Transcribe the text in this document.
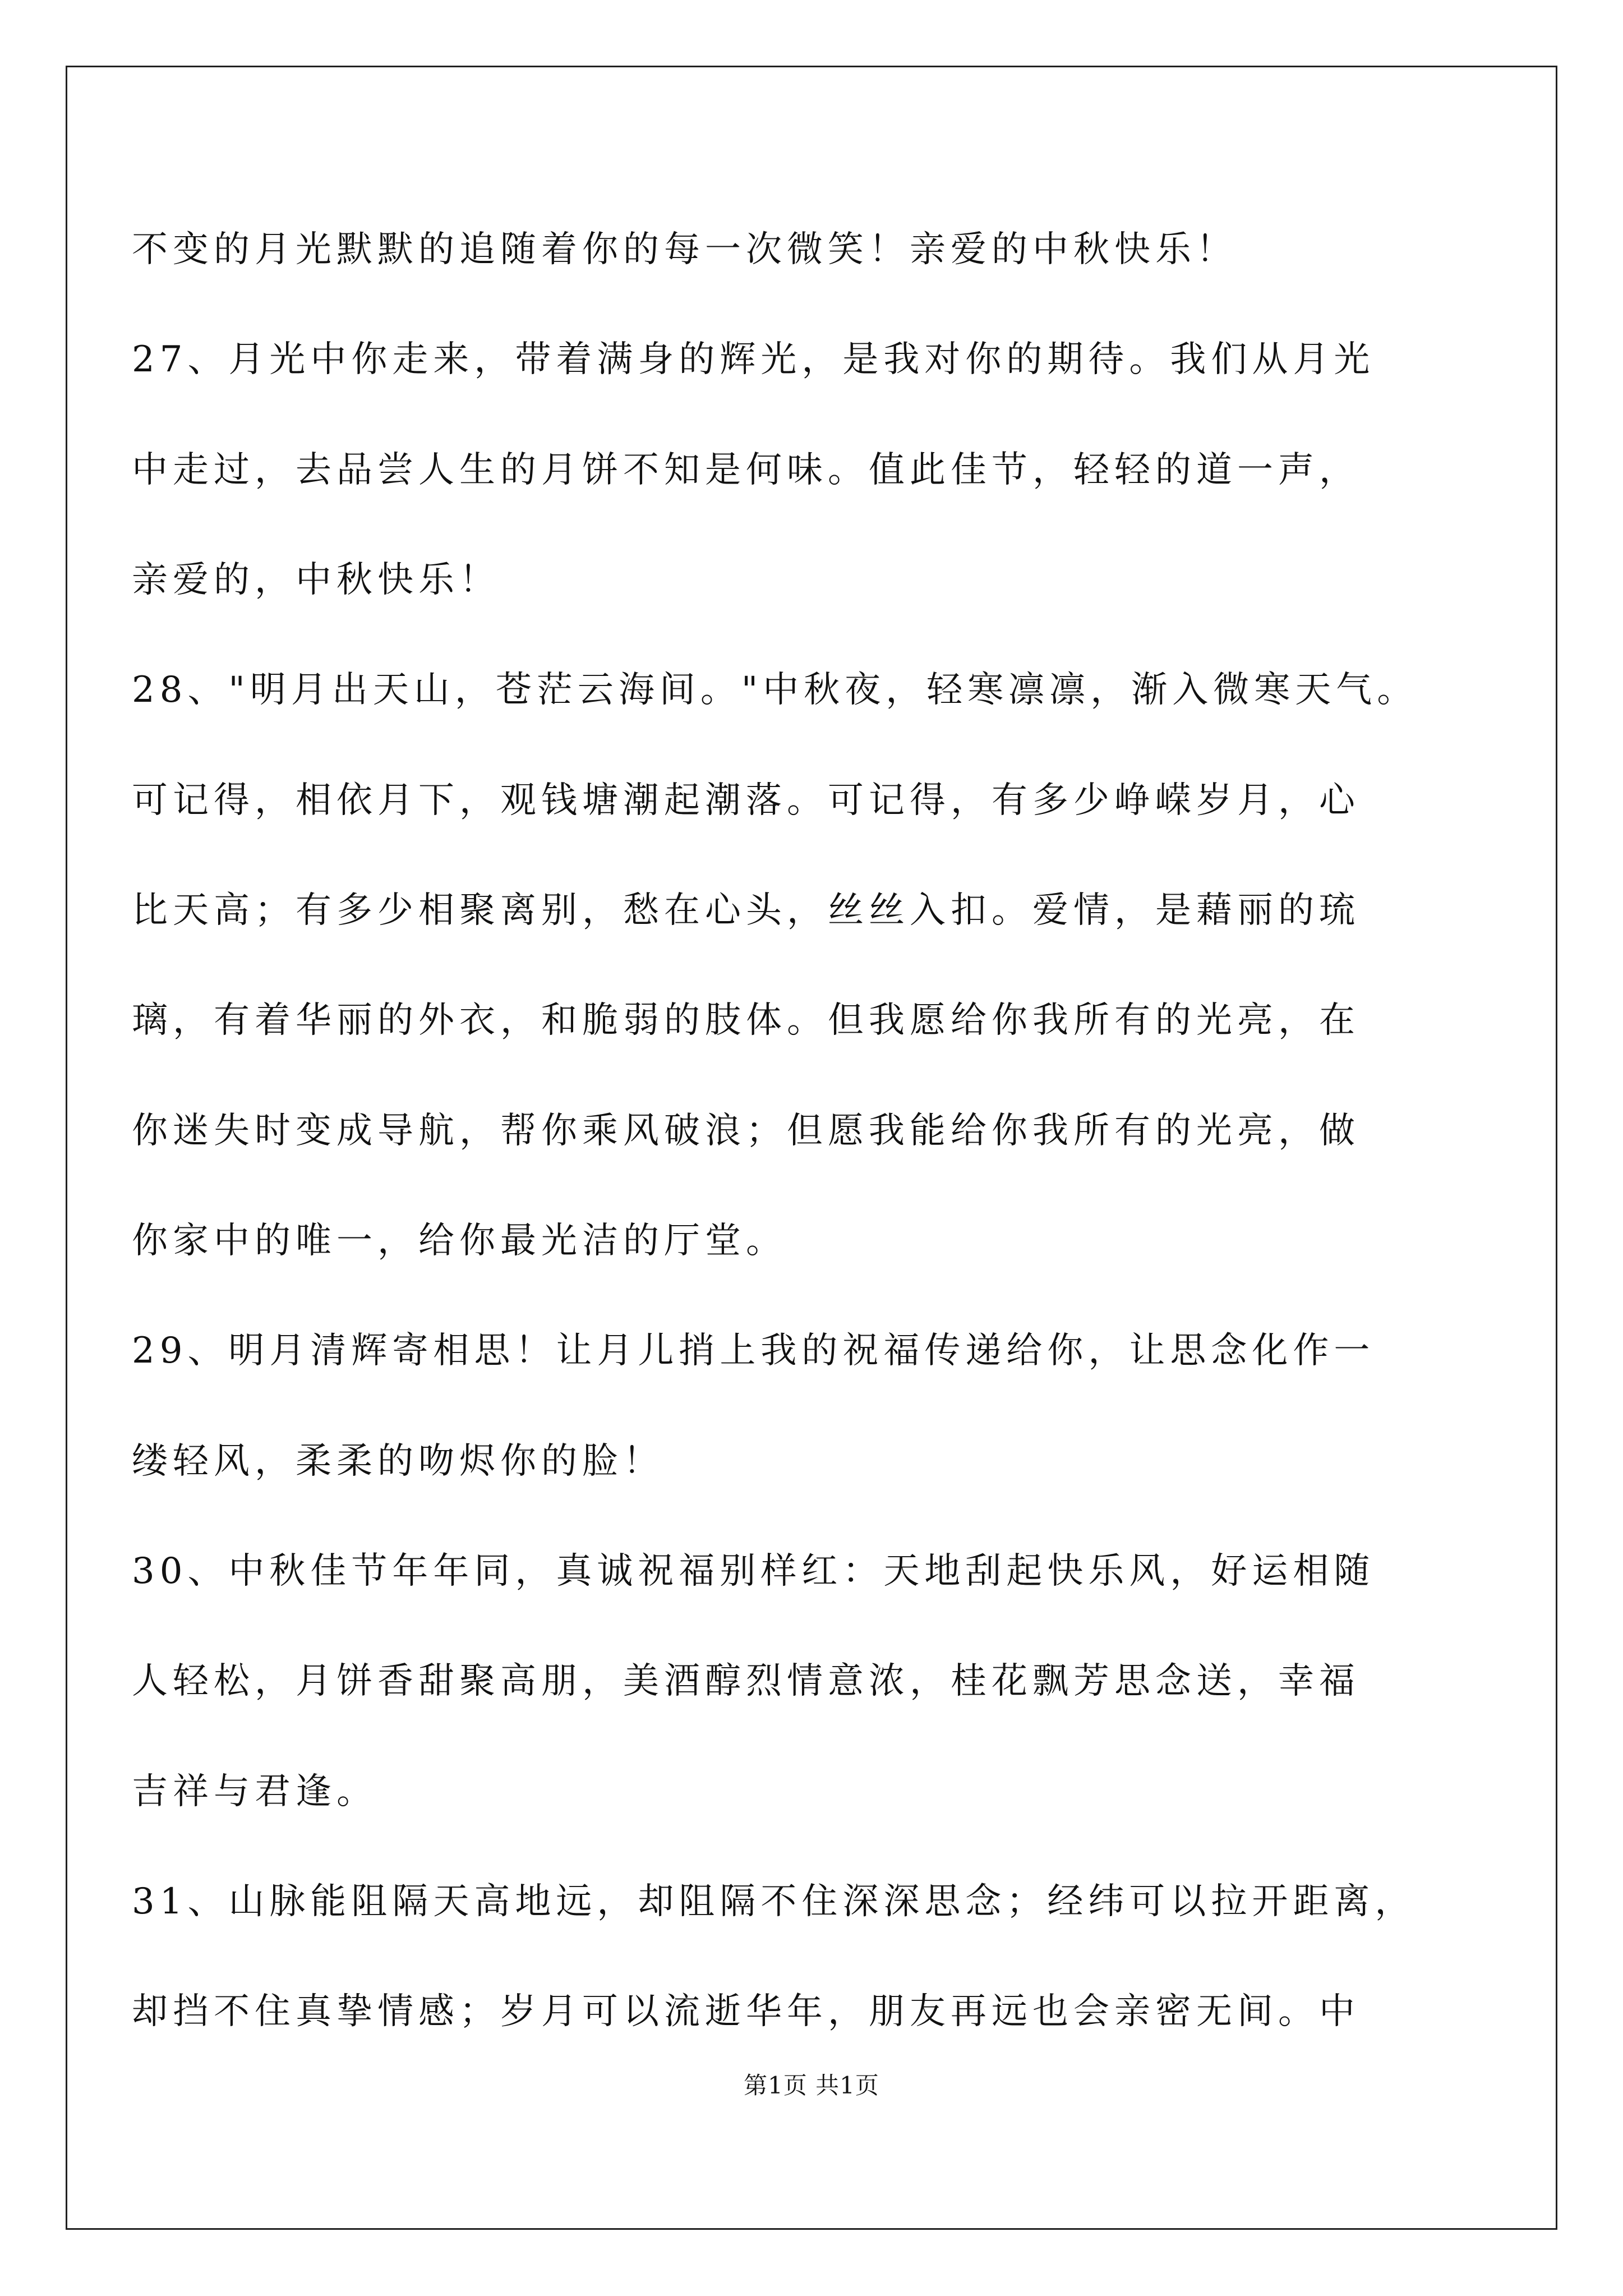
不变的月光默默的追随着你的每一次微笑！亲爱的中秋快乐！
27、月光中你走来，带着满身的辉光，是我对你的期待。我们从月光
中走过，去品尝人生的月饼不知是何味。值此佳节，轻轻的道一声，
亲爱的，中秋快乐！
28、"明月出天山，苍茫云海间。"中秋夜，轻寒凛凛，渐入微寒天气。
可记得，相依月下，观钱塘潮起潮落。可记得，有多少峥嵘岁月，心
比天高；有多少相聚离别，愁在心头，丝丝入扣。爱情，是藉丽的琉
璃，有着华丽的外衣，和脆弱的肢体。但我愿给你我所有的光亮，在
你迷失时变成导航，帮你乘风破浪；但愿我能给你我所有的光亮，做
你家中的唯一，给你最光洁的厅堂。
29、明月清辉寄相思！让月儿捎上我的祝福传递给你，让思念化作一
缕轻风，柔柔的吻烬你的脸！
30、中秋佳节年年同，真诚祝福别样红：天地刮起快乐风，好运相随
人轻松，月饼香甜聚高朋，美酒醇烈情意浓，桂花飘芳思念送，幸福
吉祥与君逢。
31、山脉能阻隔天高地远，却阻隔不住深深思念；经纬可以拉开距离，
却挡不住真挚情感；岁月可以流逝华年，朋友再远也会亲密无间。中
第1页 共1页
